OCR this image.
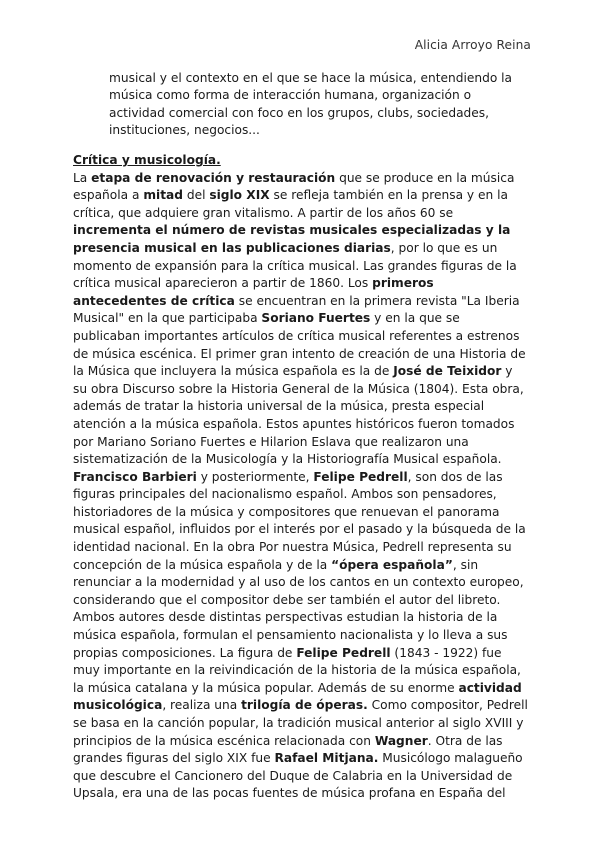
Alicia Arroyo Reina
musical y el contexto en el que se hace la música, entendiendo la
música como forma de interacción humana, organización o
actividad comercial con foco en los grupos, clubs, sociedades,
instituciones, negocios...
Crítica y musicología.
La etapa de renovación y restauración que se produce en la música
española a mitad del siglo XIX se refleja también en la prensa y en la
crítica, que adquiere gran vitalismo. A partir de los años 60 se
incrementa el número de revistas musicales especializadas y la
presencia musical en las publicaciones diarias, por lo que es un
momento de expansión para la crítica musical. Las grandes figuras de la
crítica musical aparecieron a partir de 1860. Los primeros
antecedentes de crítica se encuentran en la primera revista "La Iberia
Musical" en la que participaba Soriano Fuertes y en la que se
publicaban importantes artículos de crítica musical referentes a estrenos
de música escénica. El primer gran intento de creación de una Historia de
la Música que incluyera la música española es la de José de Teixidor y
su obra Discurso sobre la Historia General de la Música (1804). Esta obra,
además de tratar la historia universal de la música, presta especial
atención a la música española. Estos apuntes históricos fueron tomados
por Mariano Soriano Fuertes e Hilarion Eslava que realizaron una
sistematización de la Musicología y la Historiografía Musical española.
Francisco Barbieri y posteriormente, Felipe Pedrell, son dos de las
figuras principales del nacionalismo español. Ambos son pensadores,
historiadores de la música y compositores que renuevan el panorama
musical español, influidos por el interés por el pasado y la búsqueda de la
identidad nacional. En la obra Por nuestra Música, Pedrell representa su
concepción de la música española y de la “ópera española”, sin
renunciar a la modernidad y al uso de los cantos en un contexto europeo,
considerando que el compositor debe ser también el autor del libreto.
Ambos autores desde distintas perspectivas estudian la historia de la
música española, formulan el pensamiento nacionalista y lo lleva a sus
propias composiciones. La figura de Felipe Pedrell (1843 - 1922) fue
muy importante en la reivindicación de la historia de la música española,
la música catalana y la música popular. Además de su enorme actividad
musicológica, realiza una trilogía de óperas. Como compositor, Pedrell
se basa en la canción popular, la tradición musical anterior al siglo XVIII y
principios de la música escénica relacionada con Wagner. Otra de las
grandes figuras del siglo XIX fue Rafael Mitjana. Musicólogo malagueño
que descubre el Cancionero del Duque de Calabria en la Universidad de
Upsala, era una de las pocas fuentes de música profana en España del
